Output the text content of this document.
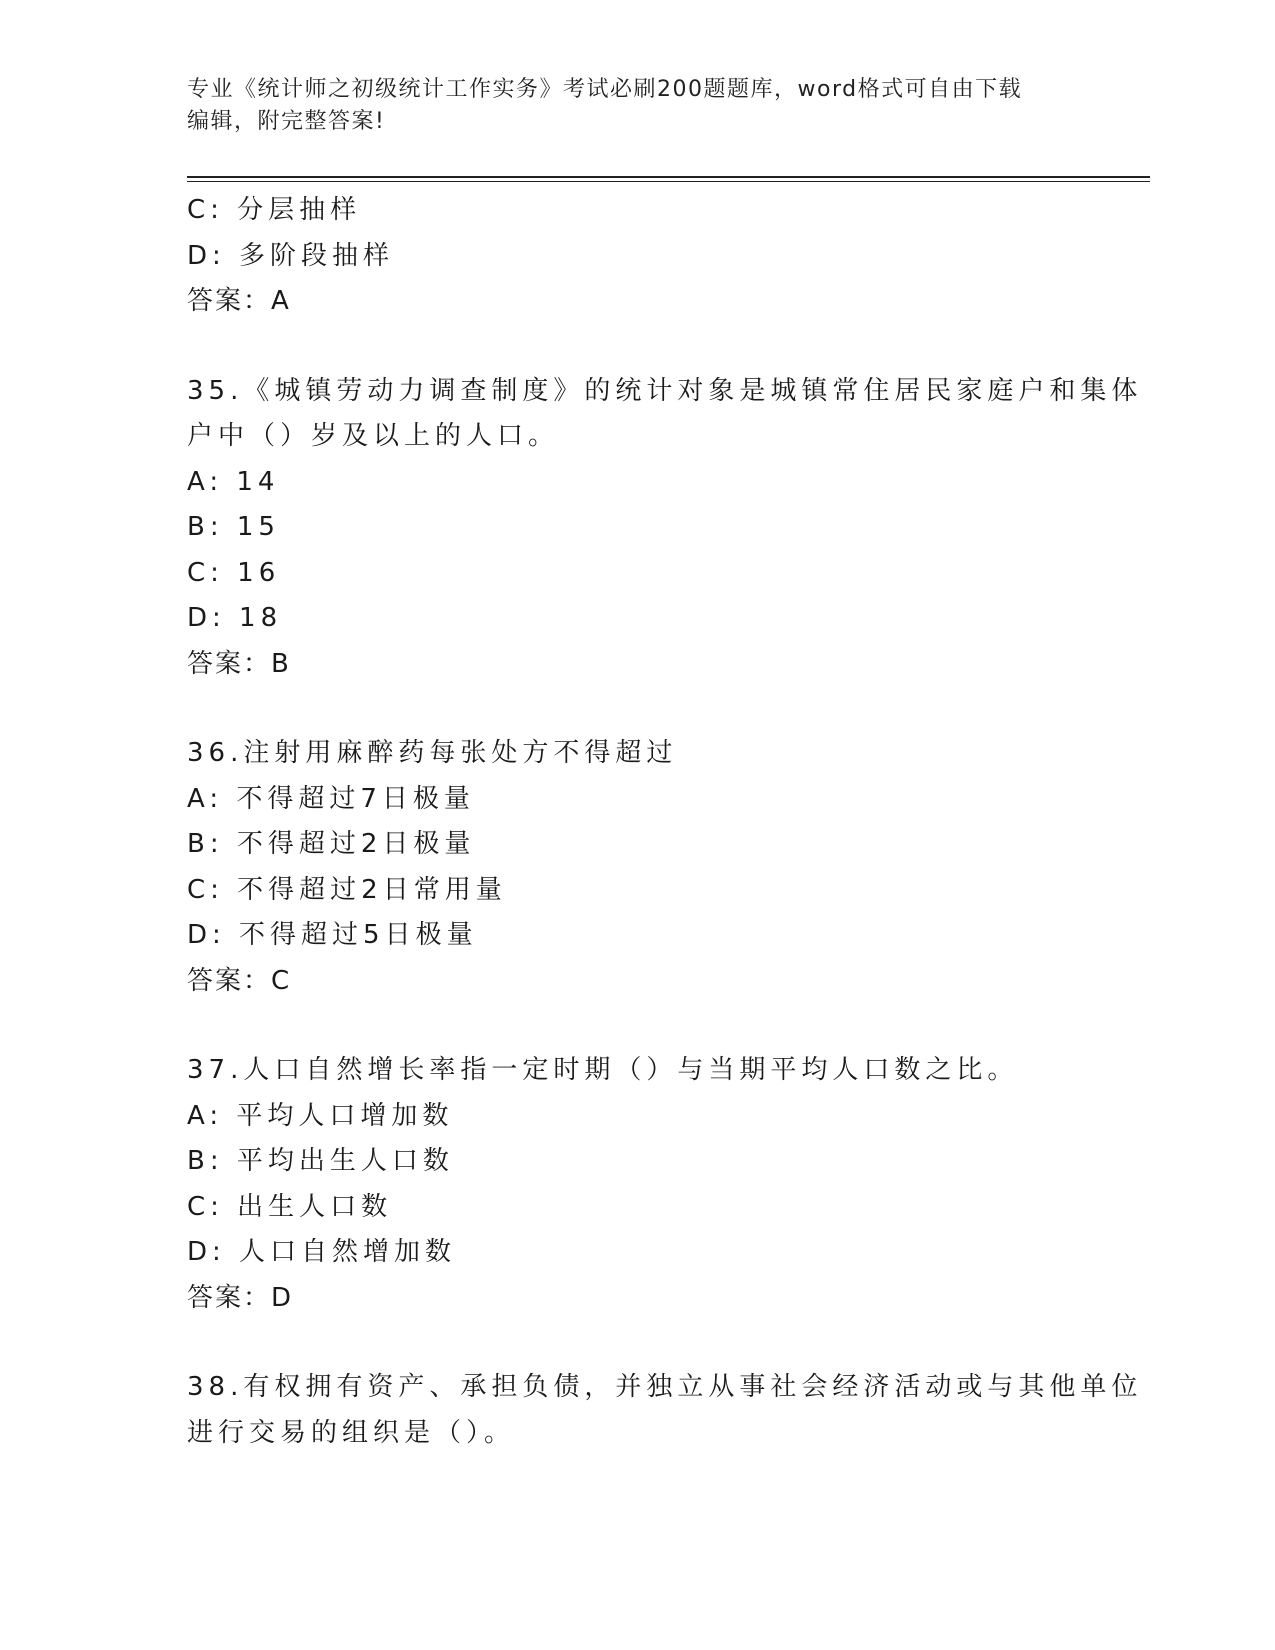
专业《统计师之初级统计工作实务》考试必刷200题题库，word格式可自由下载
编辑，附完整答案!
C: 分层抽样
D: 多阶段抽样
答案：A
35.《城镇劳动力调查制度》的统计对象是城镇常住居民家庭户和集体
户中（）岁及以上的人口。
A: 14
B: 15
C: 16
D: 18
答案：B
36.注射用麻醉药每张处方不得超过
A: 不得超过7日极量
B: 不得超过2日极量
C: 不得超过2日常用量
D: 不得超过5日极量
答案：C
37.人口自然增长率指一定时期（）与当期平均人口数之比。
A: 平均人口增加数
B: 平均出生人口数
C: 出生人口数
D: 人口自然增加数
答案：D
38.有权拥有资产、承担负债，并独立从事社会经济活动或与其他单位
进行交易的组织是（）。
